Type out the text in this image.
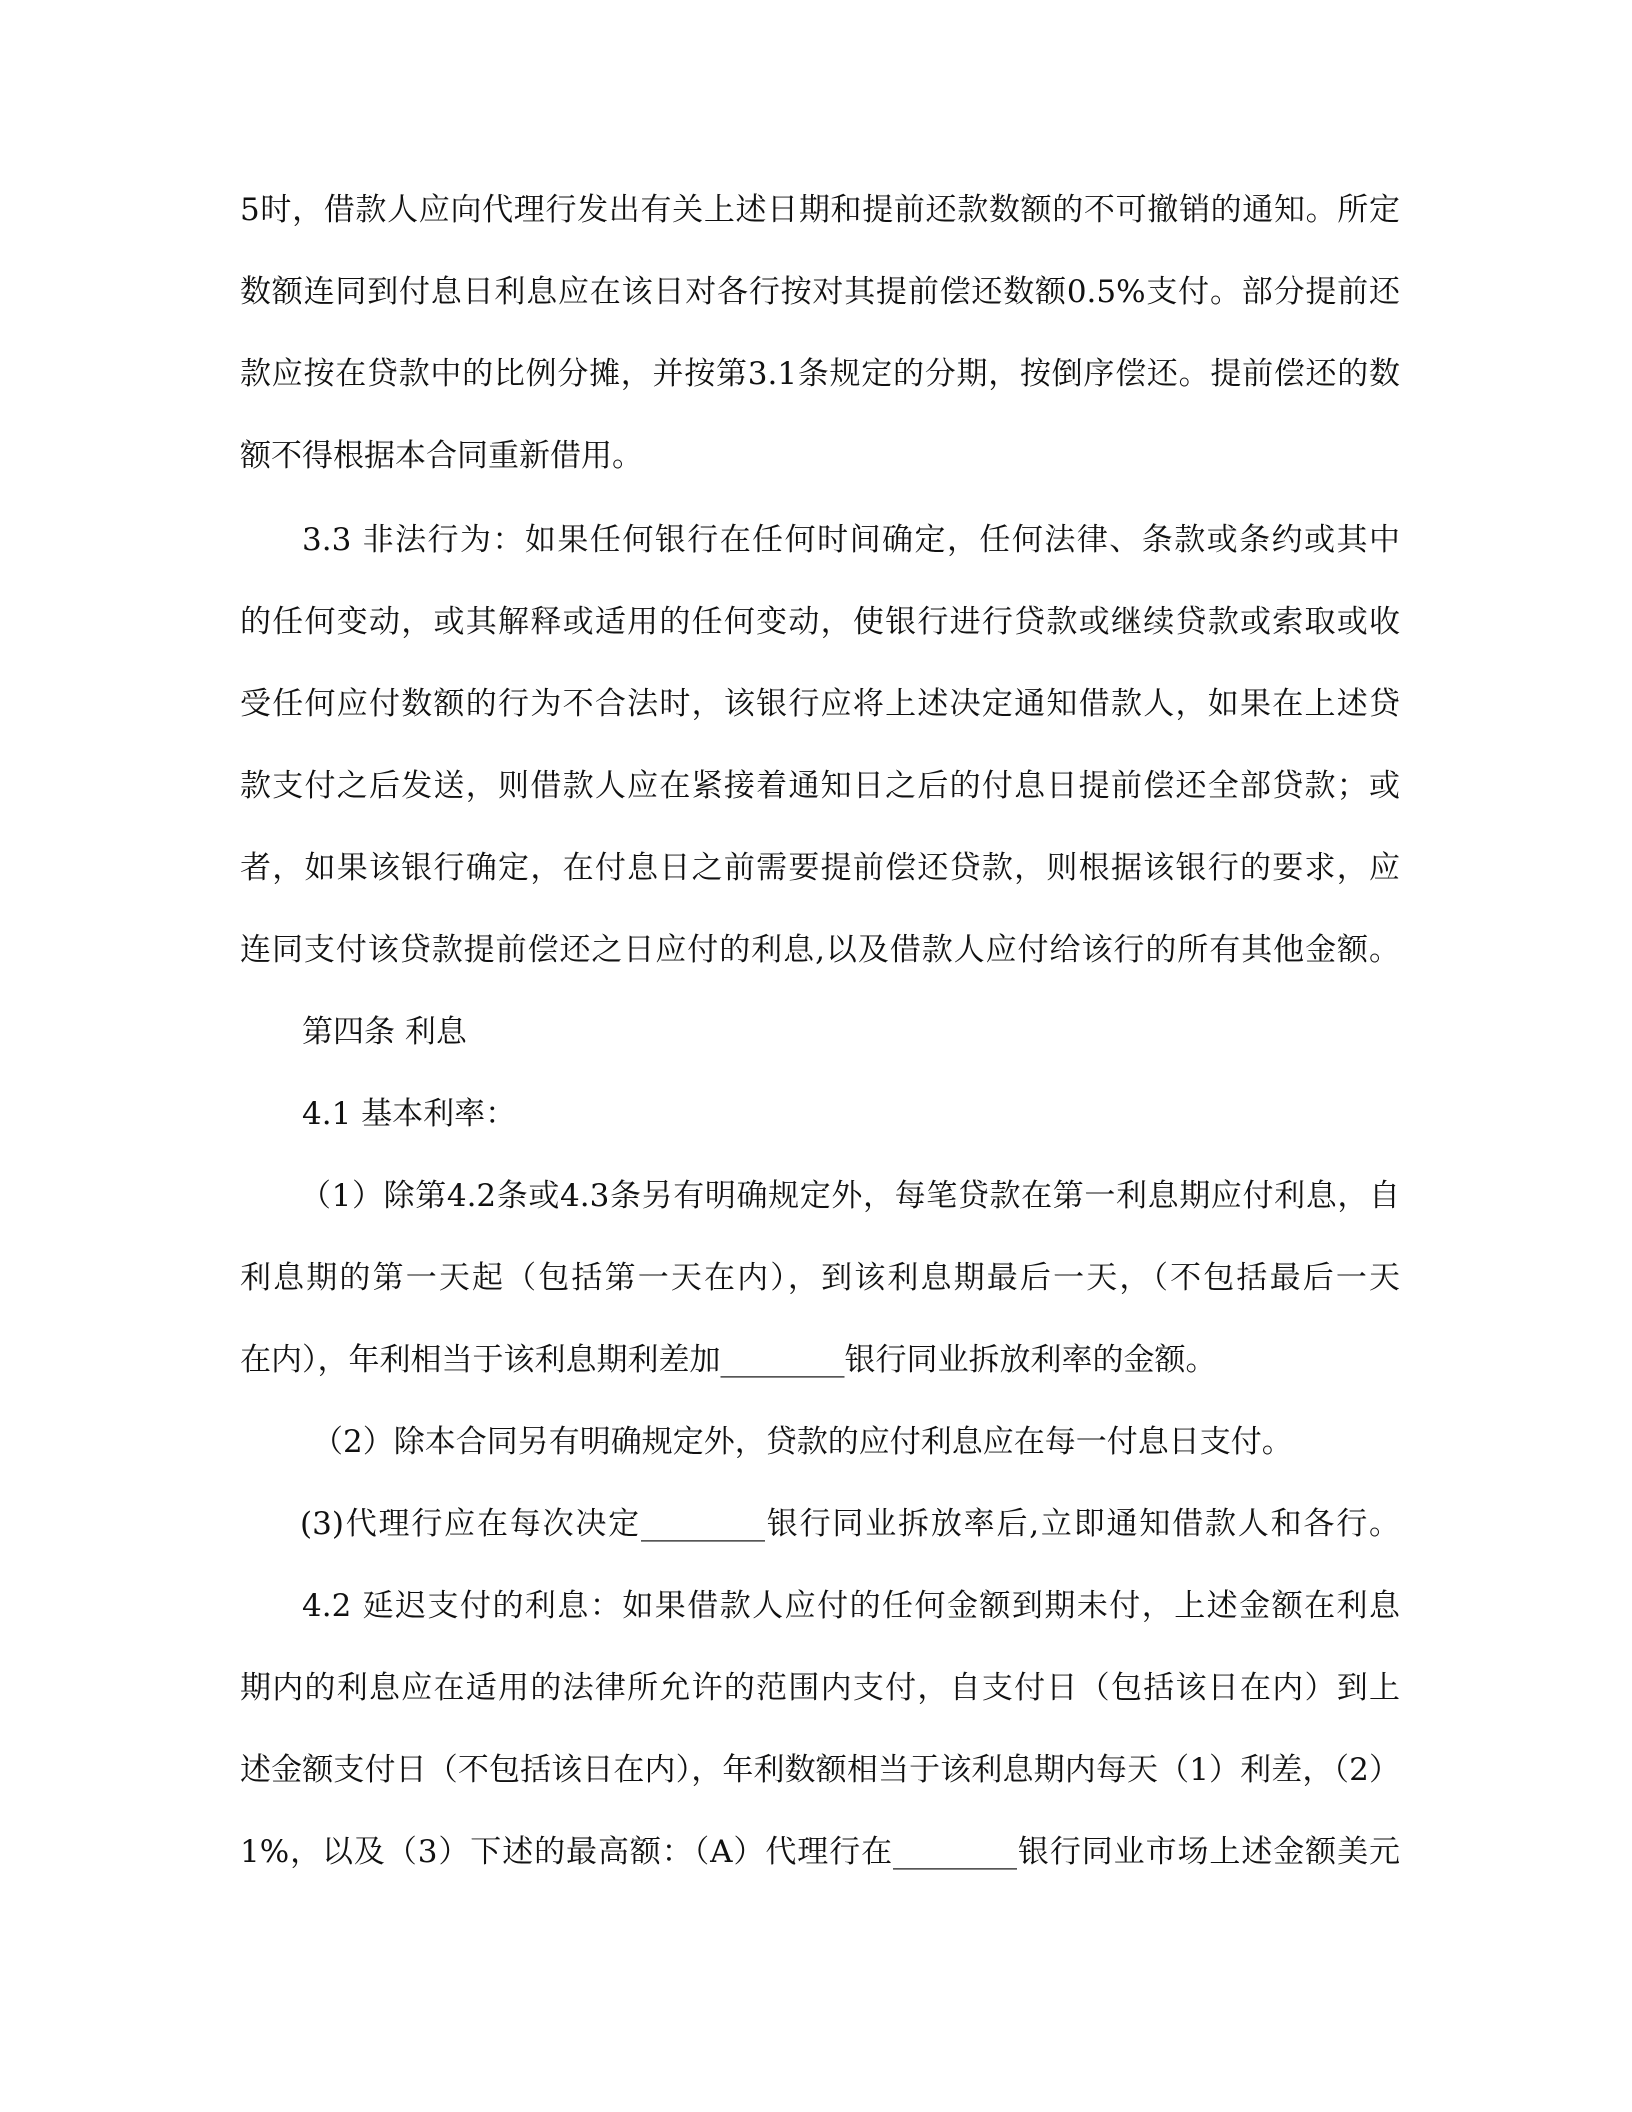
5时，借款人应向代理行发出有关上述日期和提前还款数额的不可撤销的通知。所定
数额连同到付息日利息应在该日对各行按对其提前偿还数额0.5%支付。部分提前还
款应按在贷款中的比例分摊，并按第3.1条规定的分期，按倒序偿还。提前偿还的数
额不得根据本合同重新借用。
3.3 非法行为：如果任何银行在任何时间确定，任何法律、条款或条约或其中
的任何变动，或其解释或适用的任何变动，使银行进行贷款或继续贷款或索取或收
受任何应付数额的行为不合法时，该银行应将上述决定通知借款人，如果在上述贷
款支付之后发送，则借款人应在紧接着通知日之后的付息日提前偿还全部贷款；或
者，如果该银行确定，在付息日之前需要提前偿还贷款，则根据该银行的要求，应
连同支付该贷款提前偿还之日应付的利息,以及借款人应付给该行的所有其他金额。
第四条 利息
4.1 基本利率：
（1）除第4.2条或4.3条另有明确规定外，每笔贷款在第一利息期应付利息，自
利息期的第一天起（包括第一天在内），到该利息期最后一天，（不包括最后一天
在内），年利相当于该利息期利差加________银行同业拆放利率的金额。
（2）除本合同另有明确规定外，贷款的应付利息应在每一付息日支付。
(3)代理行应在每次决定________银行同业拆放率后,立即通知借款人和各行。
4.2 延迟支付的利息：如果借款人应付的任何金额到期未付，上述金额在利息
期内的利息应在适用的法律所允许的范围内支付，自支付日（包括该日在内）到上
述金额支付日（不包括该日在内），年利数额相当于该利息期内每天（1）利差，（2）
1%，以及（3）下述的最高额：（A）代理行在________银行同业市场上述金额美元
